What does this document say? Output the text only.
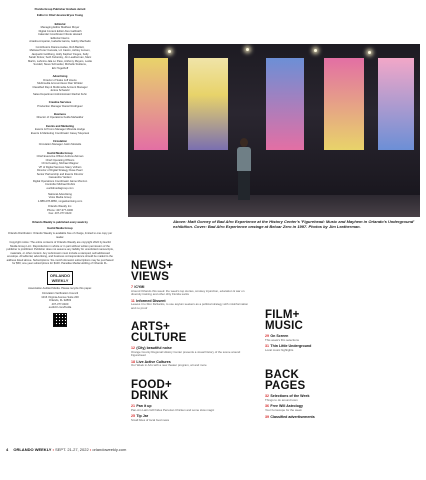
Florida Group Publisher Graham Jarrett
Editor in Chief Jessica Bryce Young
Editorial
Managing Editor Matthew Moyer
Digital Content Editor Alex Galbraith
Calendar Coordinator Nicole Howard
Editorial Interns
Ariadna Amparán, Isabella Garcia, Gabby Machado
Contributors Dianna Audeu, Rob Bartlett,
Melissa Perez Cancela, Liz Castro, Ashley Jensen,
Jacquelin Goldberg, Holly Kapherr Fiegos, Kelly
Sarah Kinkor, Seth Kubersky, Jim Leatherman, Marc
Martin, Lahmira Jala Lo Pass, Anthony Meyers, Leslie
Sundell, Steve Schneider, Michelle Stultiens,
Eric Tegethoff
Advertising
Director of Sales Jeff Houze
Multimedia Account Exec Dan Winkler
Classified Rep & Multimedia Account Manager
Jenica Schwartz
Sales Department Administrator Rachel Kuhn
Creative Services
Production Manager Daniel Rodriguez
Business
Director of Operations Kelda Mahaddur
Events and Marketing
Events & Promo Manager Miranda Hodge
Events & Marketing Coordinator Casey Stupcsek
Circulation
Circulation Manager Justin Mostelle
Euclid Media Group
Chief Executive Officer Andrew Zelman
Chief Operating Officers
Chris Keating, Michael Wagner
VP of Digital Services Stacy Volhein
Director of Digital Strategy Dave Pearr
Senior Partnership and Events Director
Cassandra Yardeni
Digital Operations Coordinator Jaime Monzon
Controller Michael Rubini
euclidmediagroup.com
National Advertising
Voice Media Group
1-888-278-9866, vmgadvertising.com
Orlando Weekly Inc.
Phone: 407-377-0400
Fax: 407-377-0420
Orlando Weekly is published every week by
Euclid Media Group
Orlando Distribution: Orlando Weekly is available free of charge, limited to one copy per reader.
Copyright notice: The entire contents of Orlando Weekly are copyright 2022 by Euclid Media Group LLC. Reproduction in whole or in part without written permission of the publisher is prohibited. Publisher does not assume any liability for unsolicited manuscripts, materials, or other content. Any submission must include a stamped, self-addressed envelope. All editorial, advertising, and business correspondence should be mailed to the address listed above. Subscriptions: Six-month domestic subscriptions may be purchased for $50; one-year subscriptions for $100. Paradise Media Holding of Orlando FL.
ORLANDO
WEEKLY
Association Audited Media. Please recycle this paper.
Circulation Verification Council
1016 Virginia Avenue Suite 200
Orlando, FL 32803
407-377-0400
euclid.fi.com/Kelda
Above: Matt Gorney of Bad Afro Experience at the History Center's 'Figurehead: Music and Mayhem in Orlando's Underground' exhibition. Cover: Bad Afro Experience onstage at Beluar Zero in 1997. Photos by Jim Leatherman.
NEWS+
VIEWS
7ICYMI
Around Orlando this week: the week's top stories, smokey injunction, education & war on diversity training and other dirty Florida sucks
11Informed Dissent
Leaves it to Ron DeSantis, to use asylum seekers as a political strategy with misinformation and no proof
ARTS+
CULTURE
12(City) beautiful noise
Orange County Regional History Center presents a visual history of the scene around Figurehead
18Live Active Cultures
Our Week in Arts with a new theater program, art and more
FOOD+
DRINK
21Pan it up
Pan-Am Latin Grill hides Peruvian Chicken and some slow magic
25Tip Jar
Small bites of local food news
FILM+
MUSIC
29On Screen
This week's film selections
31Thin Little Underground
Local music highlights
BACK
PAGES
32Selections of the Week
Things to do around town
36Free Will Astrology
Your horoscope for the week
39Classified advertisements
4 ORLANDO WEEKLY • SEPT. 21-27, 2022 • orlandoweekly.com
